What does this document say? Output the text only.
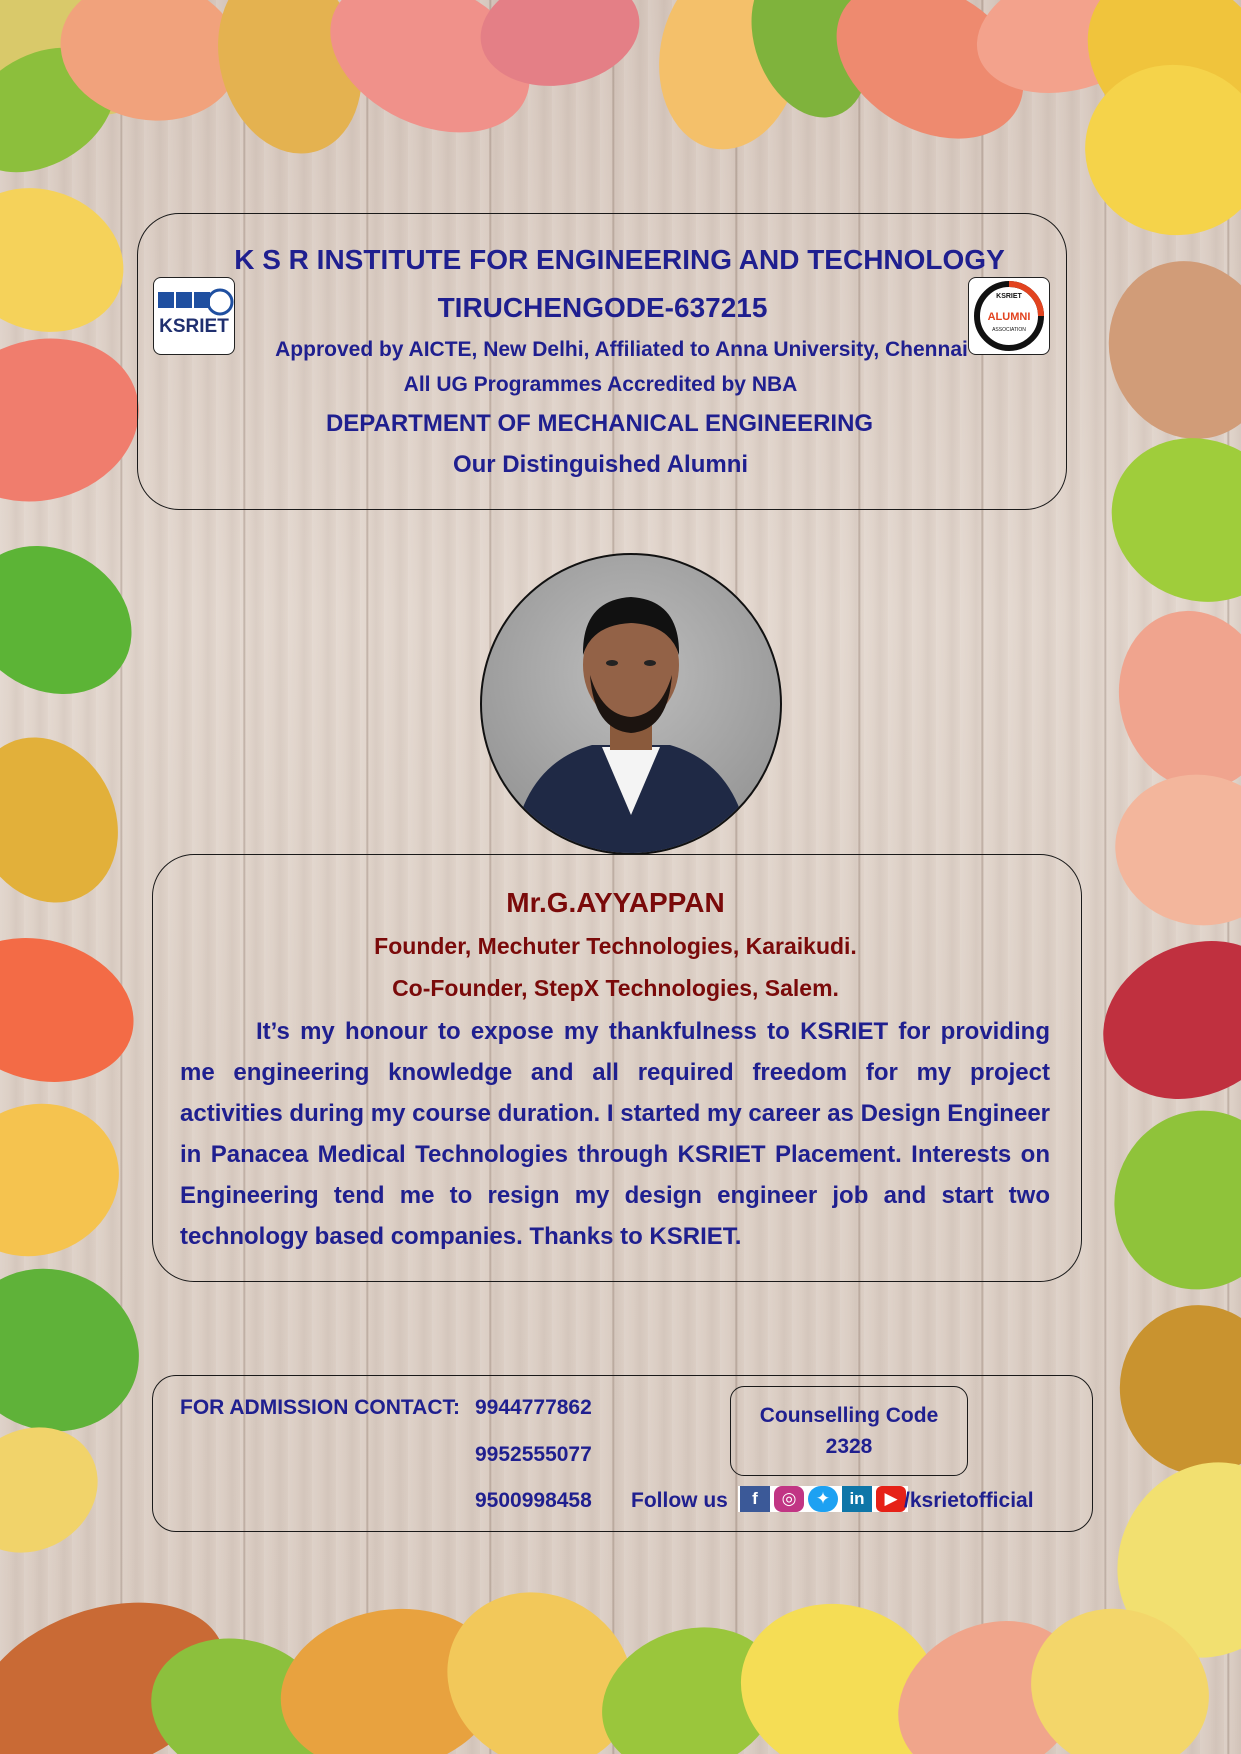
KSRIET
KSRIET
ALUMNI
ASSOCIATION
K S R INSTITUTE FOR ENGINEERING AND TECHNOLOGY
TIRUCHENGODE-637215
Approved by AICTE, New Delhi, Affiliated to Anna University, Chennai
All UG Programmes Accredited by NBA
DEPARTMENT OF MECHANICAL ENGINEERING
Our Distinguished Alumni
Mr.G.AYYAPPAN
Founder, Mechuter Technologies, Karaikudi.
Co-Founder, StepX Technologies, Salem.
It’s my honour to expose my thankfulness to KSRIET for providing me engineering knowledge and all required freedom for my project activities during my course duration. I started my career as Design Engineer in Panacea Medical Technologies through KSRIET Placement. Interests on Engineering tend me to resign my design engineer job and start two technology based companies. Thanks to KSRIET.
FOR ADMISSION CONTACT: 9944777862
9952555077
9500998458
Counselling Code
2328
Follow us	f	◎	✦	in	▶ /ksrietofficial
